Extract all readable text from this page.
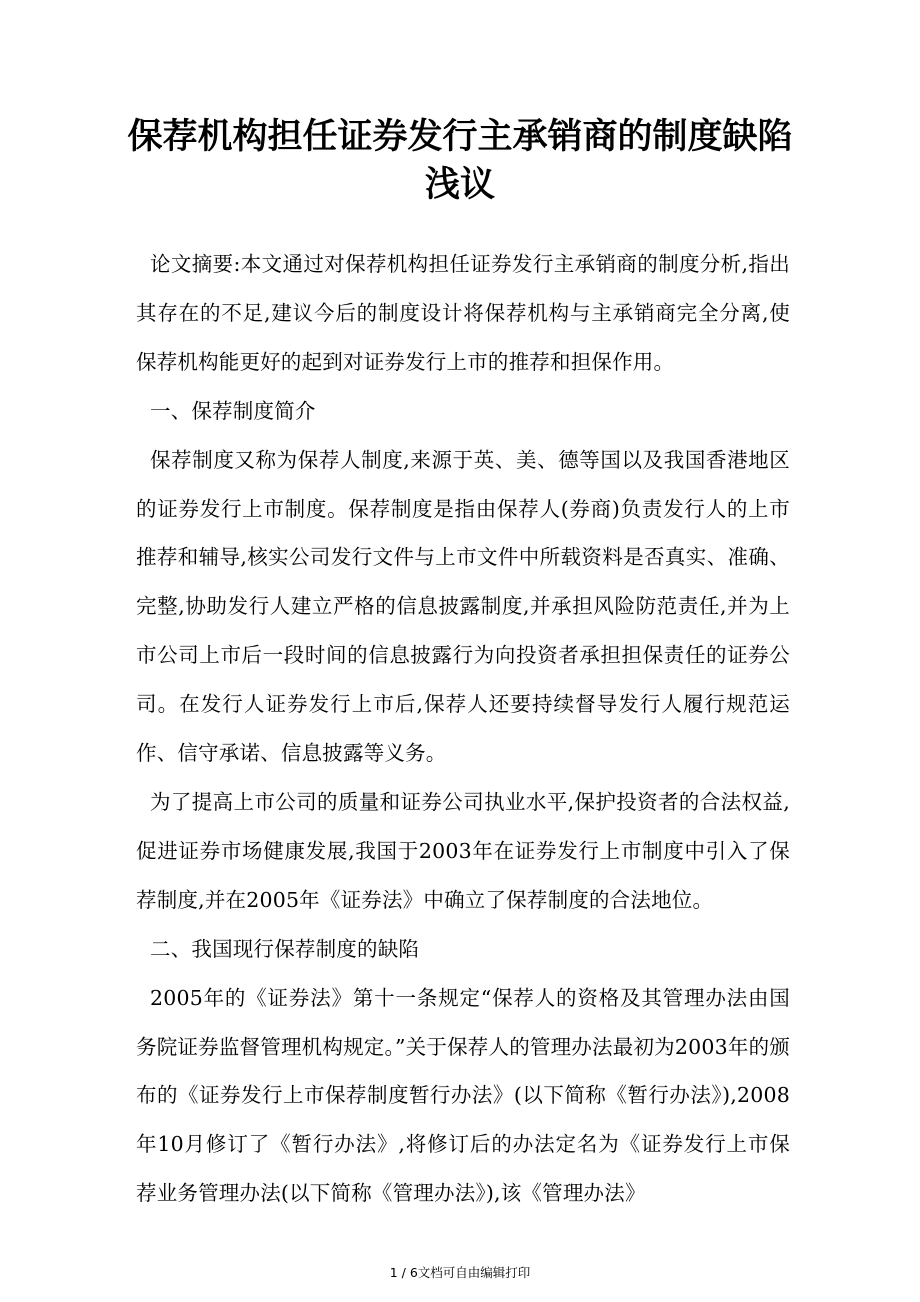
保荐机构担任证券发行主承销商的制度缺陷
浅议

论文摘要:本文通过对保荐机构担任证券发行主承销商的制度分析,指出其存在的不足,建议今后的制度设计将保荐机构与主承销商完全分离,使保荐机构能更好的起到对证券发行上市的推荐和担保作用。

一、保荐制度简介

保荐制度又称为保荐人制度,来源于英、美、德等国以及我国香港地区的证券发行上市制度。保荐制度是指由保荐人(券商)负责发行人的上市推荐和辅导,核实公司发行文件与上市文件中所载资料是否真实、准确、完整,协助发行人建立严格的信息披露制度,并承担风险防范责任,并为上市公司上市后一段时间的信息披露行为向投资者承担担保责任的证券公司。在发行人证券发行上市后,保荐人还要持续督导发行人履行规范运作、信守承诺、信息披露等义务。

为了提高上市公司的质量和证券公司执业水平,保护投资者的合法权益,促进证券市场健康发展,我国于2003年在证券发行上市制度中引入了保荐制度,并在2005年《证券法》中确立了保荐制度的合法地位。

二、我国现行保荐制度的缺陷

2005年的《证券法》第十一条规定“保荐人的资格及其管理办法由国务院证券监督管理机构规定。”关于保荐人的管理办法最初为2003年的颁布的《证券发行上市保荐制度暂行办法》(以下简称《暂行办法》),2008年10月修订了《暂行办法》,将修订后的办法定名为《证券发行上市保荐业务管理办法(以下简称《管理办法》),该《管理办法》

1 / 6文档可自由编辑打印
